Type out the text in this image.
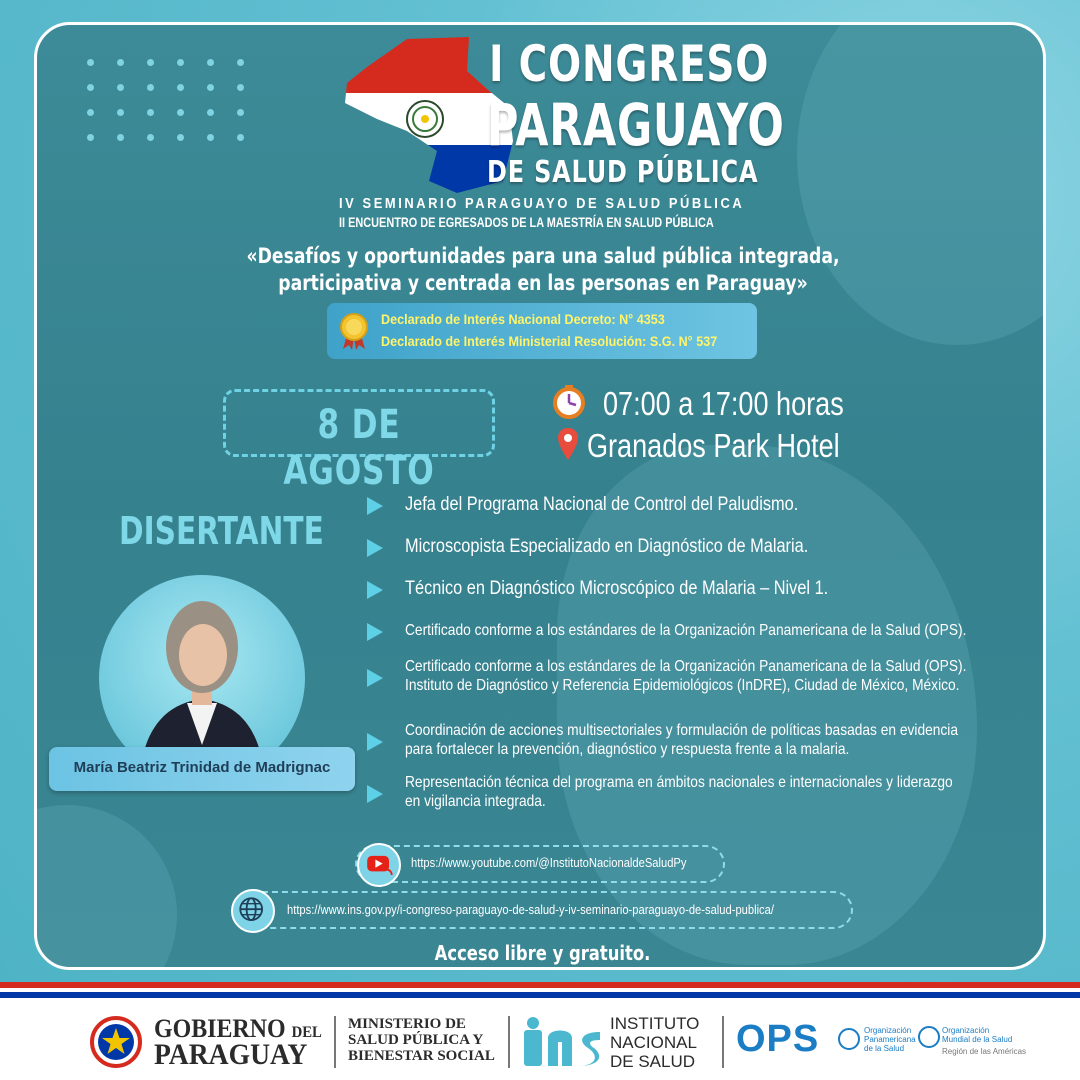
I CONGRESO
PARAGUAYO
DE SALUD PÚBLICA
IV SEMINARIO PARAGUAYO DE SALUD PÚBLICA
II ENCUENTRO DE EGRESADOS DE LA MAESTRÍA EN SALUD PÚBLICA
«Desafíos y oportunidades para una salud pública integrada,
participativa y centrada en las personas en Paraguay»
Declarado de Interés Nacional Decreto: N° 4353
Declarado de Interés Ministerial Resolución: S.G. N° 537
8 DE AGOSTO
07:00 a 17:00 horas
Granados Park Hotel
DISERTANTE
María Beatriz Trinidad de Madrignac
Jefa del Programa Nacional de Control del Paludismo.
Microscopista Especializado en Diagnóstico de Malaria.
Técnico en Diagnóstico Microscópico de Malaria – Nivel 1.
Certificado conforme a los estándares de la Organización Panamericana de la Salud (OPS).
Certificado conforme a los estándares de la Organización Panamericana de la Salud (OPS).
Instituto de Diagnóstico y Referencia Epidemiológicos (InDRE), Ciudad de México, México.
Coordinación de acciones multisectoriales y formulación de políticas basadas en evidencia
para fortalecer la prevención, diagnóstico y respuesta frente a la malaria.
Representación técnica del programa en ámbitos nacionales e internacionales y liderazgo
en vigilancia integrada.
https://www.youtube.com/@InstitutoNacionaldeSaludPy
https://www.ins.gov.py/i-congreso-paraguayo-de-salud-y-iv-seminario-paraguayo-de-salud-publica/
Acceso libre y gratuito.
GOBIERNO DEL
PARAGUAY
MINISTERIO DE
SALUD PÚBLICA Y
BIENESTAR SOCIAL
INSTITUTO
NACIONAL
DE SALUD
OPS	Organización
Panamericana
de la Salud
Organización
Mundial de la Salud
Región de las Américas
